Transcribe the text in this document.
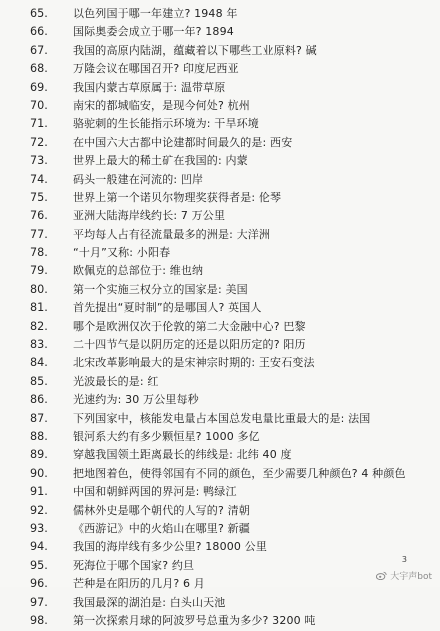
65.	以色列国于哪一年建立? 1948 年
66.	国际奥委会成立于哪一年? 1894
67.	我国的高原内陆湖，蕴藏着以下哪些工业原料? 碱
68.	万隆会议在哪国召开? 印度尼西亚
69.	我国内蒙古草原属于: 温带草原
70.	南宋的都城临安，是现今何处? 杭州
71.	骆驼刺的生长能指示环境为: 干旱环境
72.	在中国六大古都中论建都时间最久的是: 西安
73.	世界上最大的稀土矿在我国的: 内蒙
74.	码头一般建在河流的: 凹岸
75.	世界上第一个诺贝尔物理奖获得者是: 伦琴
76.	亚洲大陆海岸线约长: 7 万公里
77.	平均每人占有径流量最多的洲是: 大洋洲
78.	“十月”又称: 小阳春
79.	欧佩克的总部位于: 维也纳
80.	第一个实施三权分立的国家是: 美国
81.	首先提出“夏时制”的是哪国人? 英国人
82.	哪个是欧洲仅次于伦敦的第二大金融中心? 巴黎
83.	二十四节气是以阴历定的还是以阳历定的? 阳历
84.	北宋改革影响最大的是宋神宗时期的: 王安石变法
85.	光波最长的是: 红
86.	光速约为: 30 万公里每秒
87.	下列国家中，核能发电量占本国总发电量比重最大的是: 法国
88.	银河系大约有多少颗恒星? 1000 多亿
89.	穿越我国领土距离最长的纬线是: 北纬 40 度
90.	把地图着色，使得邻国有不同的颜色，至少需要几种颜色? 4 种颜色
91.	中国和朝鲜两国的界河是: 鸭绿江
92.	儒林外史是哪个朝代的人写的? 清朝
93.	《西游记》中的火焰山在哪里? 新疆
94.	我国的海岸线有多少公里? 18000 公里
95.	死海位于哪个国家? 约旦
96.	芒种是在阳历的几月? 6 月
97.	我国最深的湖泊是: 白头山天池
98.	第一次探索月球的阿波罗号总重为多少? 3200 吨
3
大宇声bot
